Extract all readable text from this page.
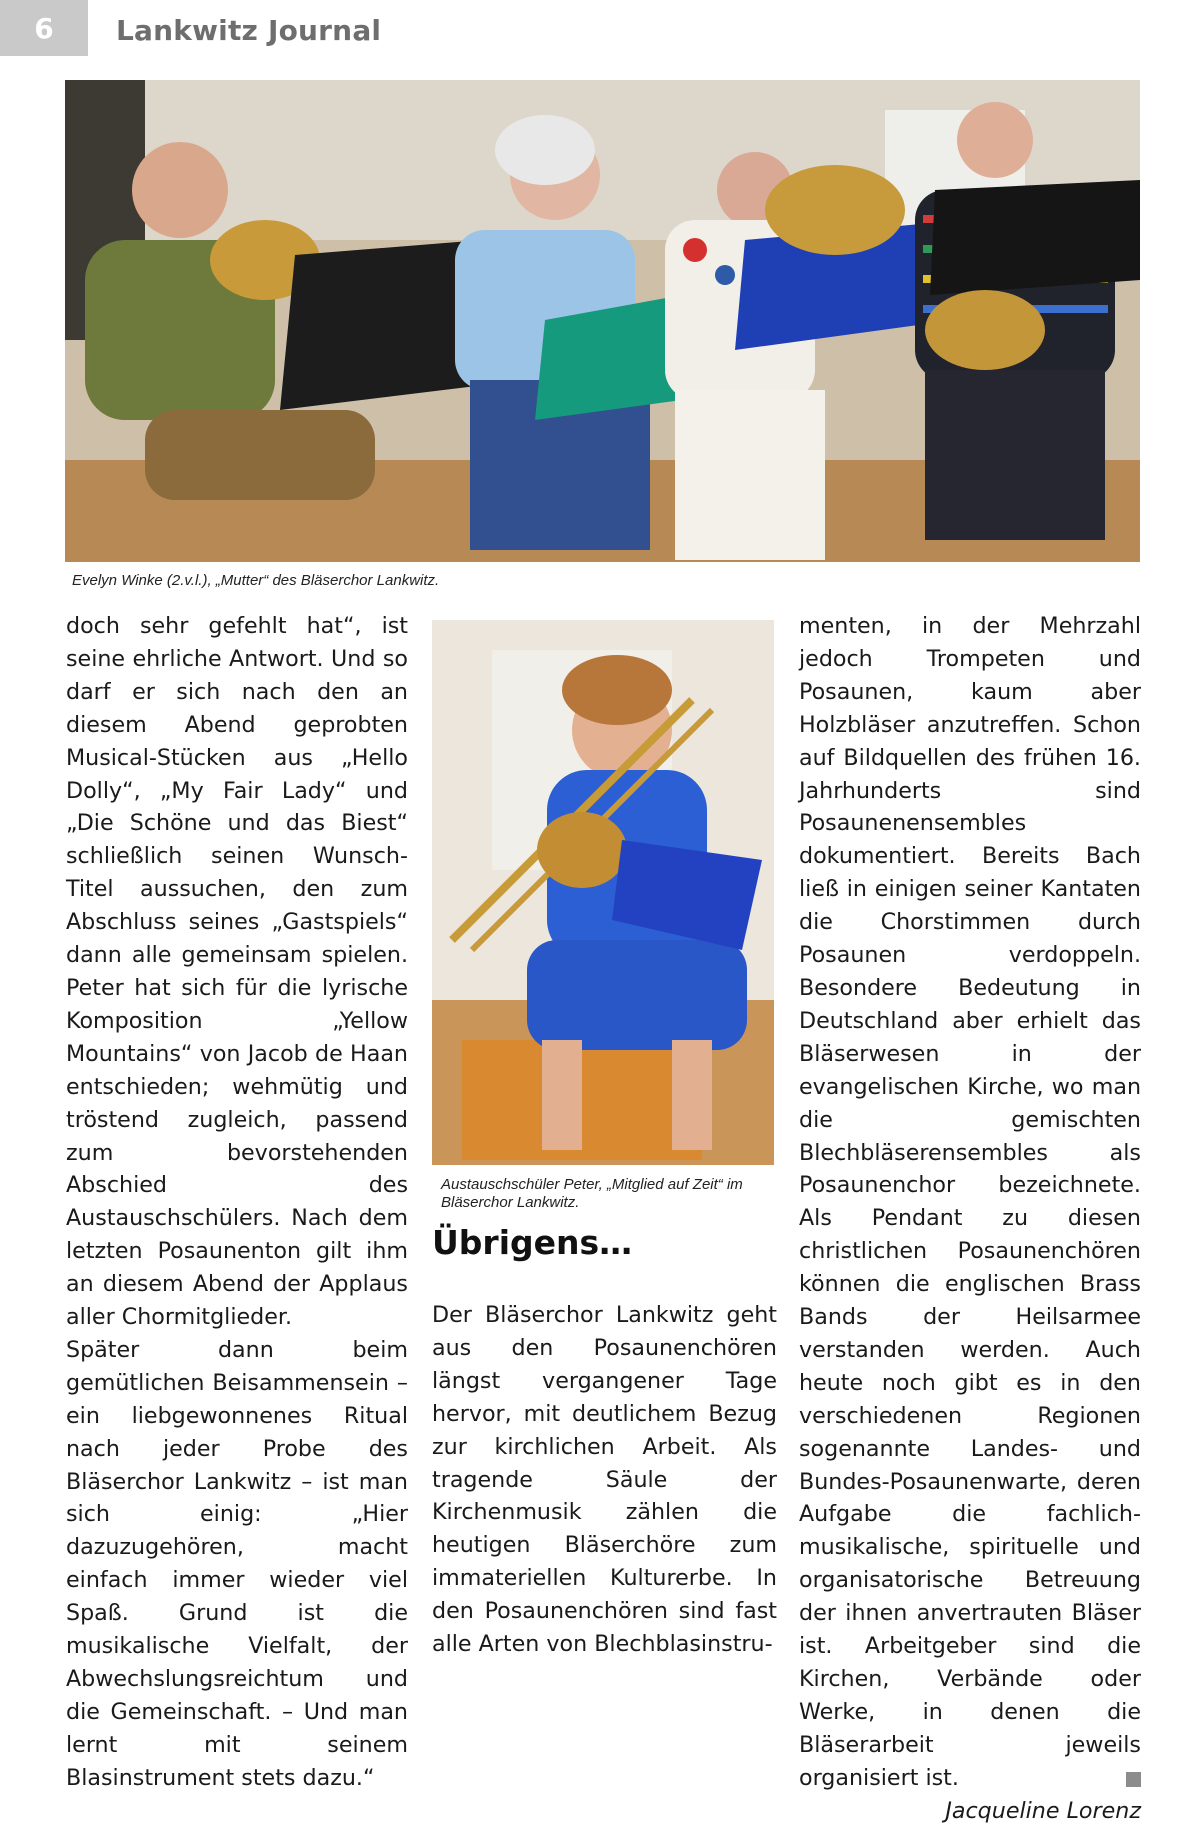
6	Lankwitz Journal
Evelyn Winke (2.v.l.), „Mutter“ des Bläserchor Lankwitz.

doch sehr gefehlt hat“, ist seine ehrliche Antwort. Und so darf er sich nach den an diesem Abend geprobten Musical-Stücken aus „Hello Dolly“, „My Fair Lady“ und „Die Schöne und das Biest“ schließlich seinen Wunsch-Titel aussuchen, den zum Abschluss seines „Gastspiels“ dann alle gemeinsam spielen. Peter hat sich für die lyrische Komposition „Yellow Mountains“ von Jacob de Haan entschieden; wehmütig und tröstend zugleich, passend zum bevorstehenden Abschied des Austauschschülers. Nach dem letzten Posaunenton gilt ihm an diesem Abend der Applaus aller Chormitglieder.

Später dann beim gemütlichen Beisammensein – ein liebgewonnenes Ritual nach jeder Probe des Bläserchor Lankwitz – ist man sich einig: „Hier dazuzugehören, macht einfach immer wieder viel Spaß. Grund ist die musikalische Vielfalt, der Abwechslungsreichtum und die Gemeinschaft. – Und man lernt mit seinem Blasinstrument stets dazu.“

Austauschschüler Peter, „Mitglied auf Zeit“ im Bläserchor Lankwitz.
Übrigens…

Der Bläserchor Lankwitz geht aus den Posaunenchören längst vergangener Tage hervor, mit deutlichem Bezug zur kirchlichen Arbeit. Als tragende Säule der Kirchenmusik zählen die heutigen Bläserchöre zum immateriellen Kulturerbe. In den Posaunenchören sind fast alle Arten von Blechblasinstru-

menten, in der Mehrzahl jedoch Trompeten und Posaunen, kaum aber Holzbläser anzutreffen. Schon auf Bildquellen des frühen 16. Jahrhunderts sind Posaunenensembles dokumentiert. Bereits Bach ließ in einigen seiner Kantaten die Chorstimmen durch Posaunen verdoppeln. Besondere Bedeutung in Deutschland aber erhielt das Bläserwesen in der evangelischen Kirche, wo man die gemischten Blechbläserensembles als Posaunenchor bezeichnete. Als Pendant zu diesen christlichen Posaunenchören können die englischen Brass Bands der Heilsarmee verstanden werden. Auch heute noch gibt es in den verschiedenen Regionen sogenannte Landes- und Bundes-Posaunenwarte, deren Aufgabe die fachlich-musikalische, spirituelle und organisatorische Betreuung der ihnen anvertrauten Bläser ist. Arbeitgeber sind die Kirchen, Verbände oder Werke, in denen die Bläserarbeit jeweils organisiert ist.

Jacqueline Lorenz
